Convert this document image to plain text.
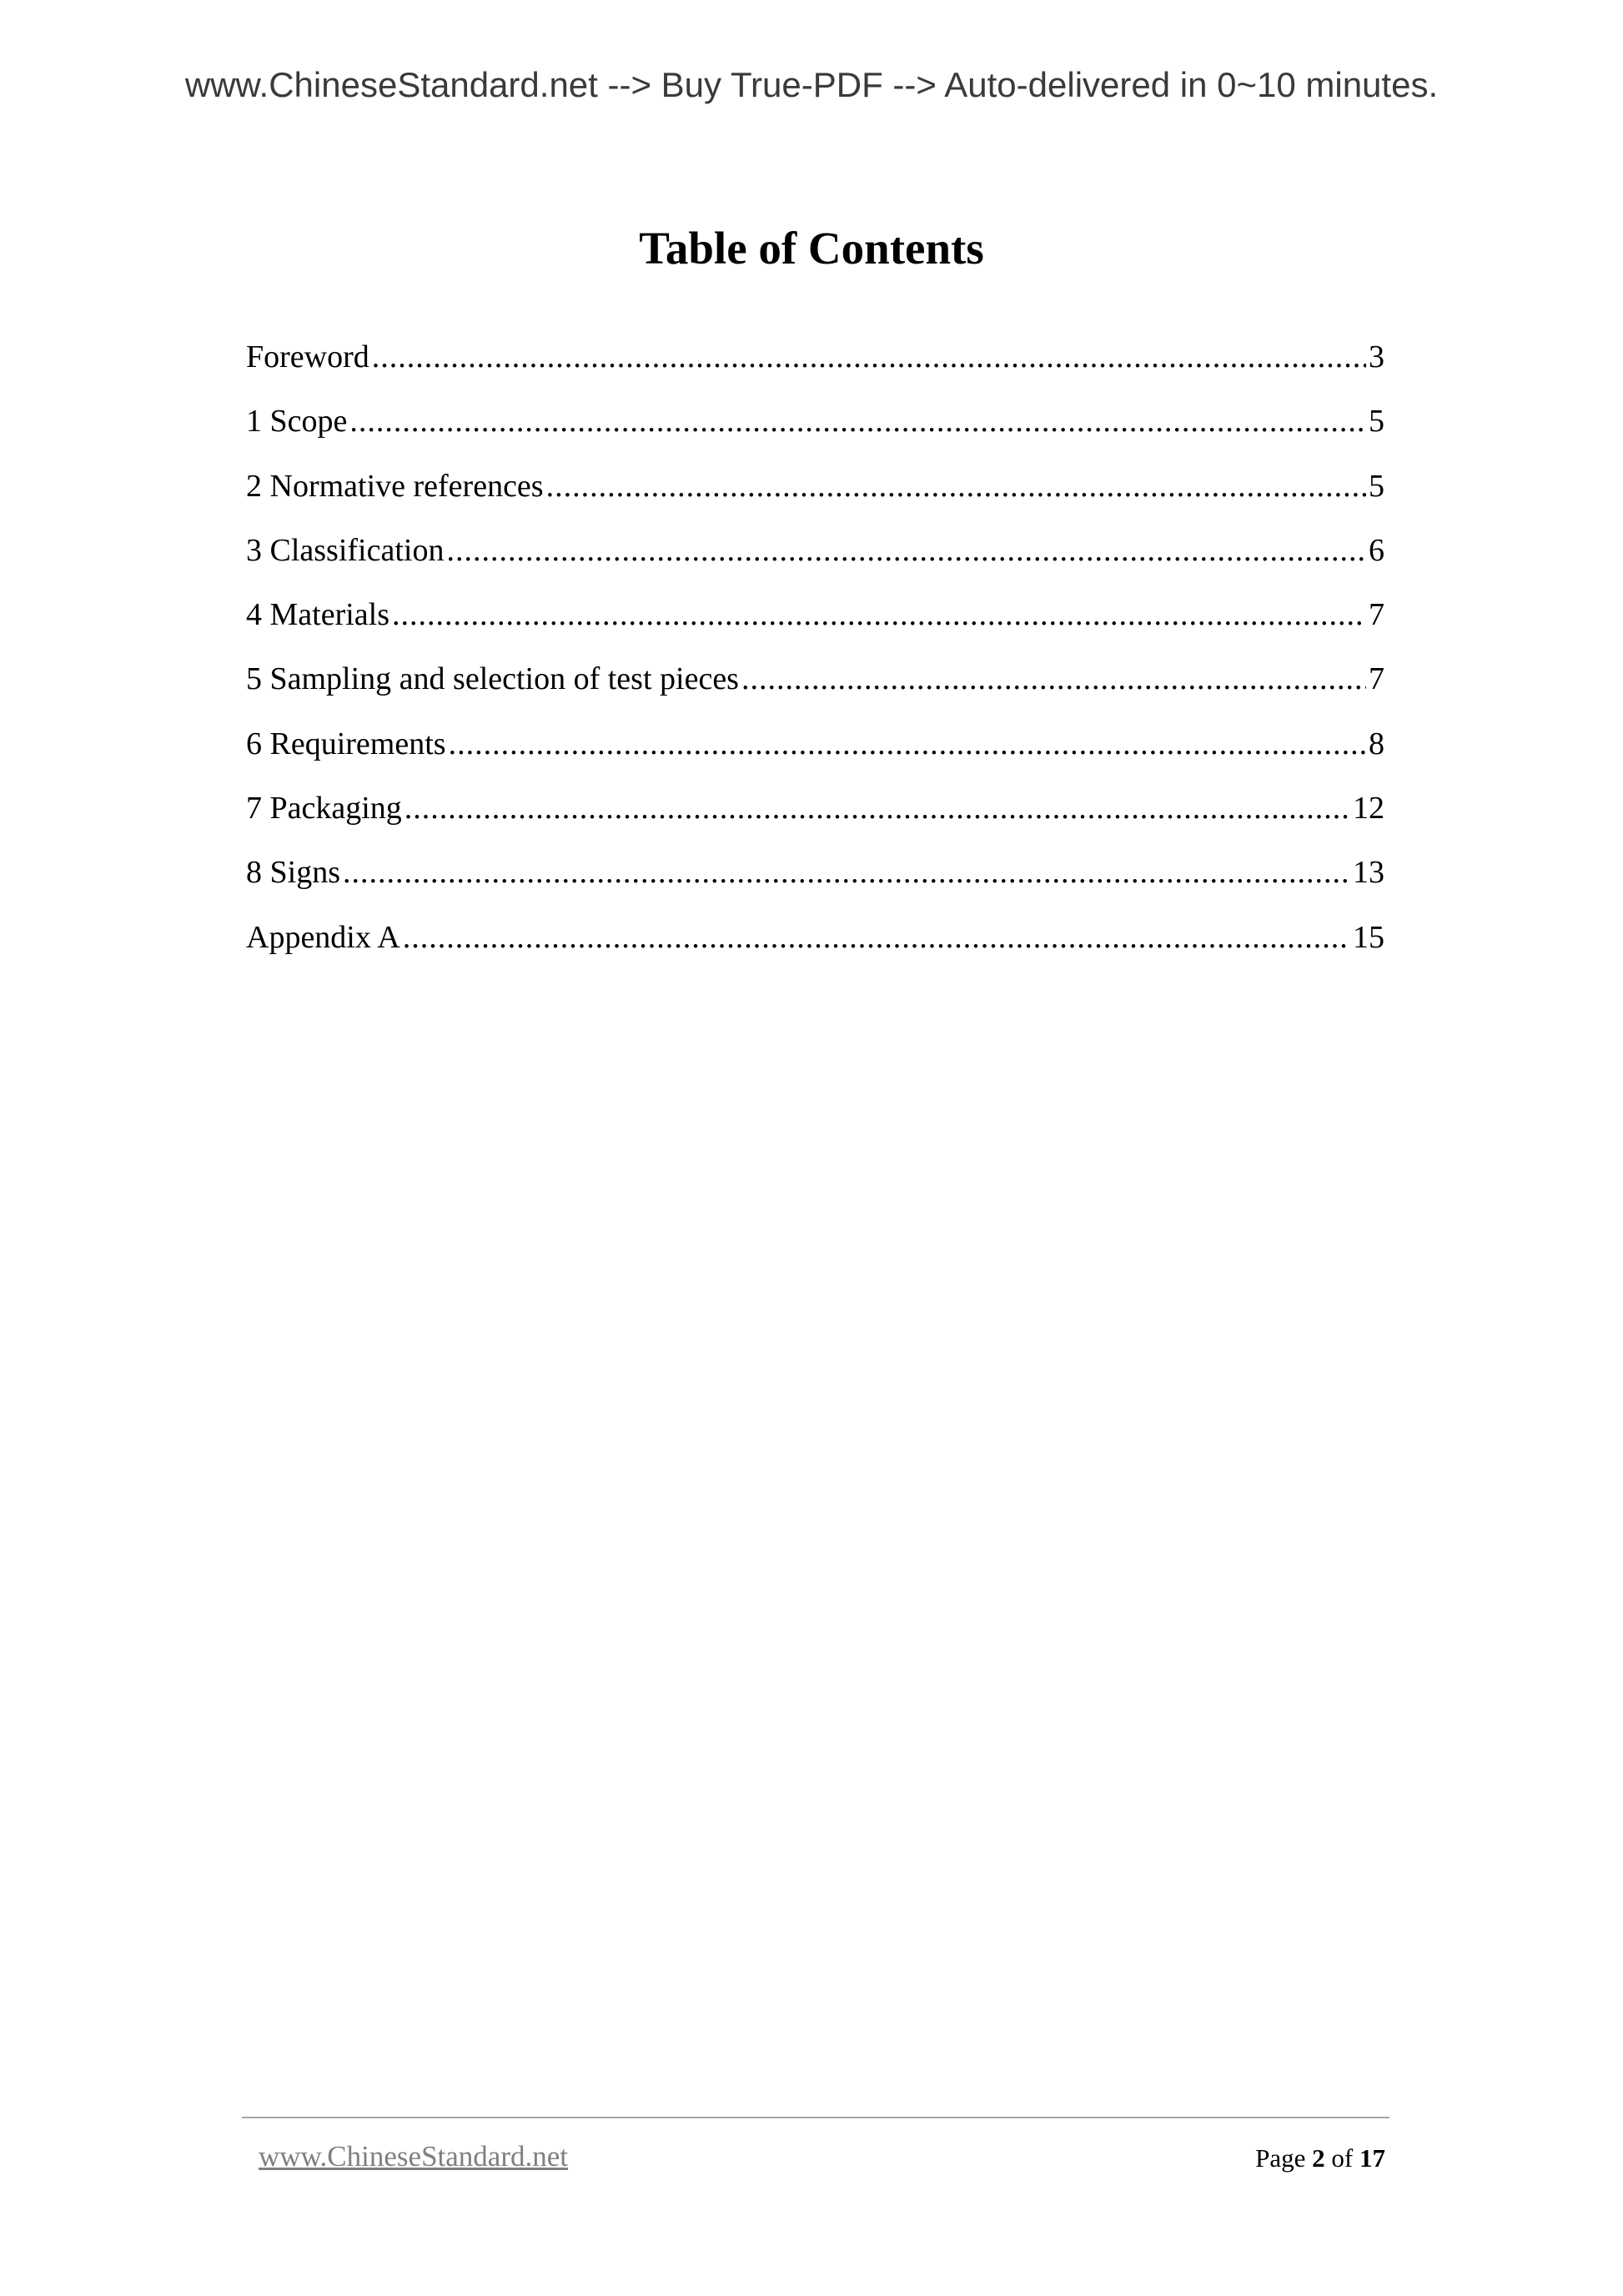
www.ChineseStandard.net --> Buy True-PDF --> Auto-delivered in 0~10 minutes.
Table of Contents
Foreword .....	3
1 Scope .....	5
2 Normative references .....	5
3 Classification .....	6
4 Materials .....	7
5 Sampling and selection of test pieces .....	7
6 Requirements .....	8
7 Packaging .....	12
8 Signs .....	13
Appendix A .....	15
www.ChineseStandard.net	Page 2 of 17
